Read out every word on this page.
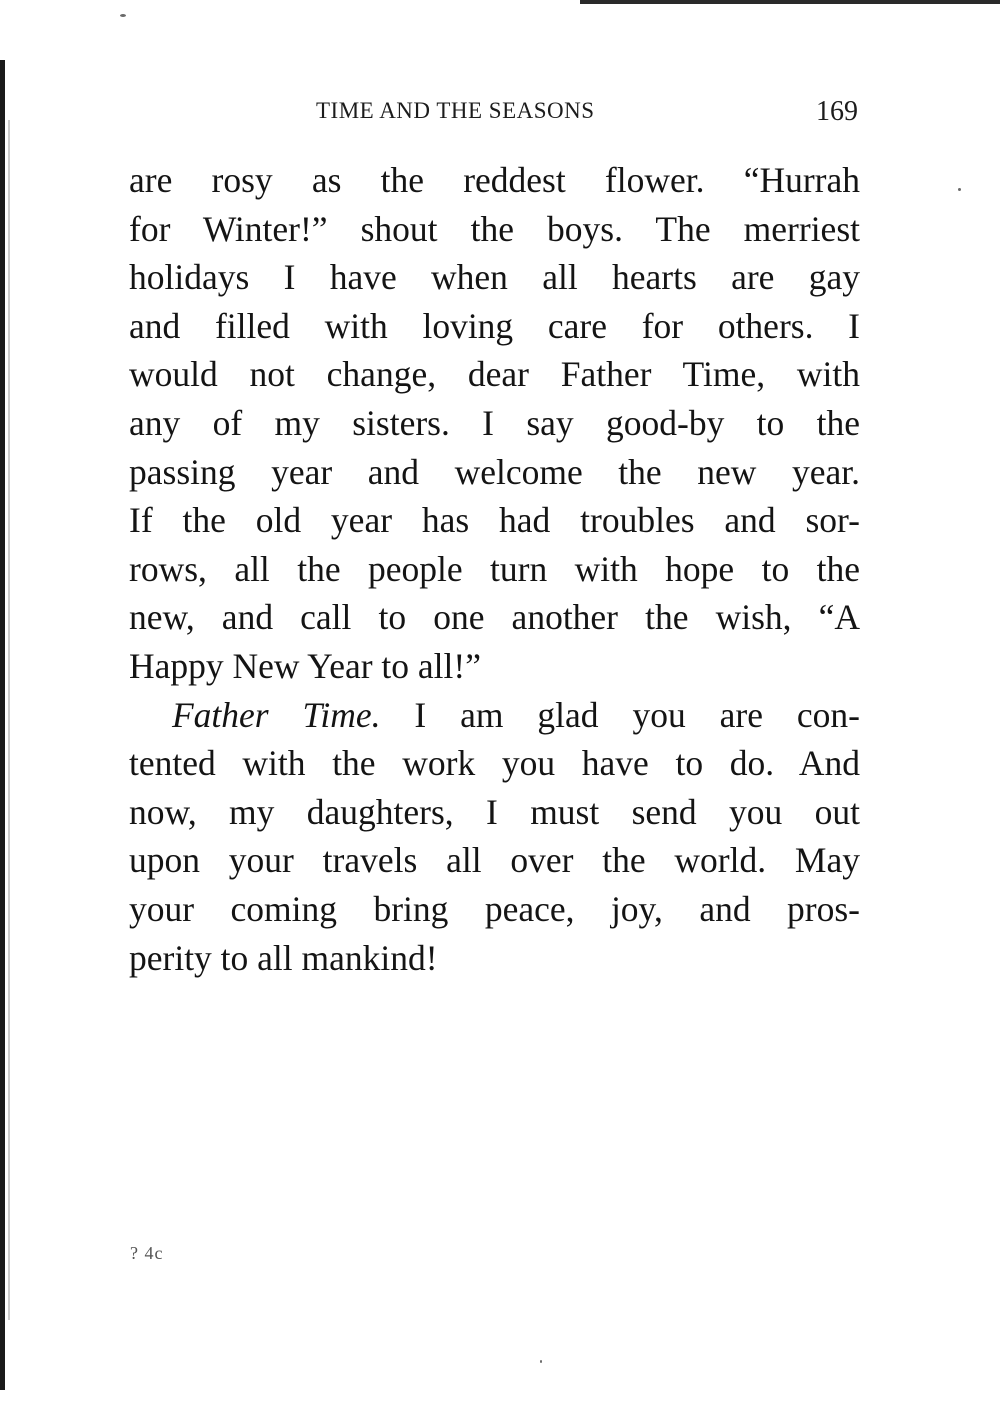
TIME AND THE SEASONS	169
are rosy as the reddest flower. “Hurrah
for Winter!” shout the boys. The merriest
holidays I have when all hearts are gay
and filled with loving care for others. I
would not change, dear Father Time, with
any of my sisters. I say good-by to the
passing year and welcome the new year.
If the old year has had troubles and sor-
rows, all the people turn with hope to the
new, and call to one another the wish, “A
Happy New Year to all!”
Father Time. I am glad you are con-
tented with the work you have to do. And
now, my daughters, I must send you out
upon your travels all over the world. May
your coming bring peace, joy, and pros-
perity to all mankind!
? 4c
